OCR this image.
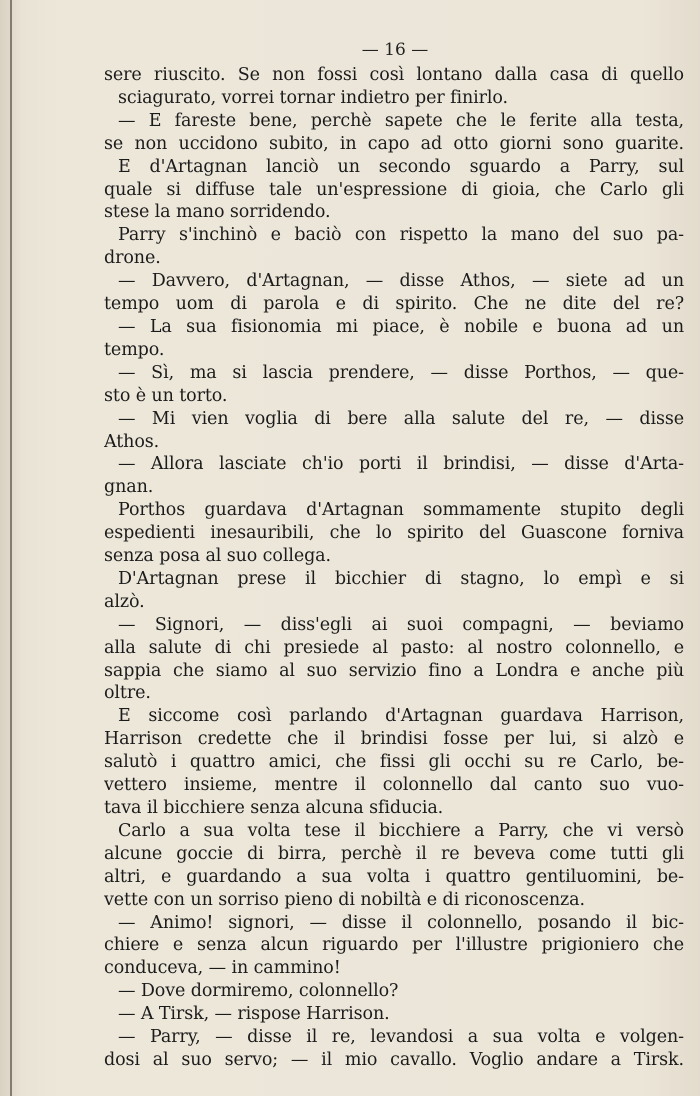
— 16 —
sere riuscito. Se non fossi così lontano dalla casa di quello
sciagurato, vorrei tornar indietro per finirlo.
— E fareste bene, perchè sapete che le ferite alla testa,
se non uccidono subito, in capo ad otto giorni sono guarite.
E d'Artagnan lanciò un secondo sguardo a Parry, sul
quale si diffuse tale un'espressione di gioia, che Carlo gli
stese la mano sorridendo.
Parry s'inchinò e baciò con rispetto la mano del suo pa-
drone.
— Davvero, d'Artagnan, — disse Athos, — siete ad un
tempo uom di parola e di spirito. Che ne dite del re?
— La sua fisionomia mi piace, è nobile e buona ad un
tempo.
— Sì, ma si lascia prendere, — disse Porthos, — que-
sto è un torto.
— Mi vien voglia di bere alla salute del re, — disse
Athos.
— Allora lasciate ch'io porti il brindisi, — disse d'Arta-
gnan.
Porthos guardava d'Artagnan sommamente stupito degli
espedienti inesauribili, che lo spirito del Guascone forniva
senza posa al suo collega.
D'Artagnan prese il bicchier di stagno, lo empì e si
alzò.
— Signori, — diss'egli ai suoi compagni, — beviamo
alla salute di chi presiede al pasto: al nostro colonnello, e
sappia che siamo al suo servizio fino a Londra e anche più
oltre.
E siccome così parlando d'Artagnan guardava Harrison,
Harrison credette che il brindisi fosse per lui, si alzò e
salutò i quattro amici, che fissi gli occhi su re Carlo, be-
vettero insieme, mentre il colonnello dal canto suo vuo-
tava il bicchiere senza alcuna sfiducia.
Carlo a sua volta tese il bicchiere a Parry, che vi versò
alcune goccie di birra, perchè il re beveva come tutti gli
altri, e guardando a sua volta i quattro gentiluomini, be-
vette con un sorriso pieno di nobiltà e di riconoscenza.
— Animo! signori, — disse il colonnello, posando il bic-
chiere e senza alcun riguardo per l'illustre prigioniero che
conduceva, — in cammino!
— Dove dormiremo, colonnello?
— A Tirsk, — rispose Harrison.
— Parry, — disse il re, levandosi a sua volta e volgen-
dosi al suo servo; — il mio cavallo. Voglio andare a Tirsk.
